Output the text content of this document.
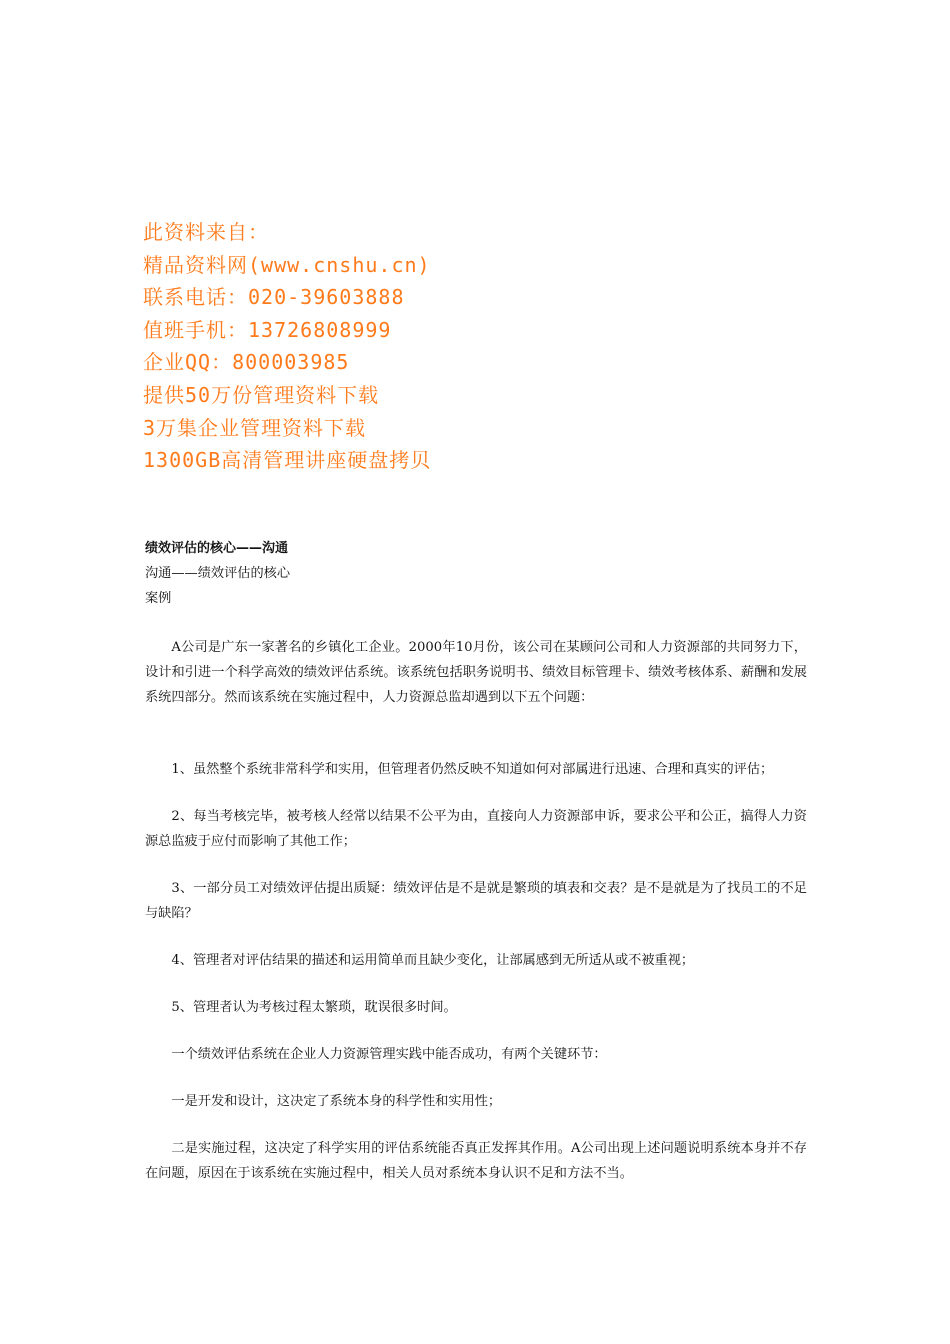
此资料来自：
精品资料网(www.cnshu.cn)
联系电话：020-39603888
值班手机：13726808999
企业QQ：800003985
提供50万份管理资料下载
3万集企业管理资料下载
1300GB高清管理讲座硬盘拷贝
绩效评估的核心——沟通
沟通——绩效评估的核心
案例

A公司是广东一家著名的乡镇化工企业。2000年10月份，该公司在某顾问公司和人力资源部的共同努力下，设计和引进一个科学高效的绩效评估系统。该系统包括职务说明书、绩效目标管理卡、绩效考核体系、薪酬和发展系统四部分。然而该系统在实施过程中，人力资源总监却遇到以下五个问题：

1、虽然整个系统非常科学和实用，但管理者仍然反映不知道如何对部属进行迅速、合理和真实的评估；

2、每当考核完毕，被考核人经常以结果不公平为由，直接向人力资源部申诉，要求公平和公正，搞得人力资源总监疲于应付而影响了其他工作；

3、一部分员工对绩效评估提出质疑：绩效评估是不是就是繁琐的填表和交表？是不是就是为了找员工的不足与缺陷？

4、管理者对评估结果的描述和运用简单而且缺少变化，让部属感到无所适从或不被重视；

5、管理者认为考核过程太繁琐，耽误很多时间。

一个绩效评估系统在企业人力资源管理实践中能否成功，有两个关键环节：

一是开发和设计，这决定了系统本身的科学性和实用性；

二是实施过程，这决定了科学实用的评估系统能否真正发挥其作用。A公司出现上述问题说明系统本身并不存在问题，原因在于该系统在实施过程中，相关人员对系统本身认识不足和方法不当。
